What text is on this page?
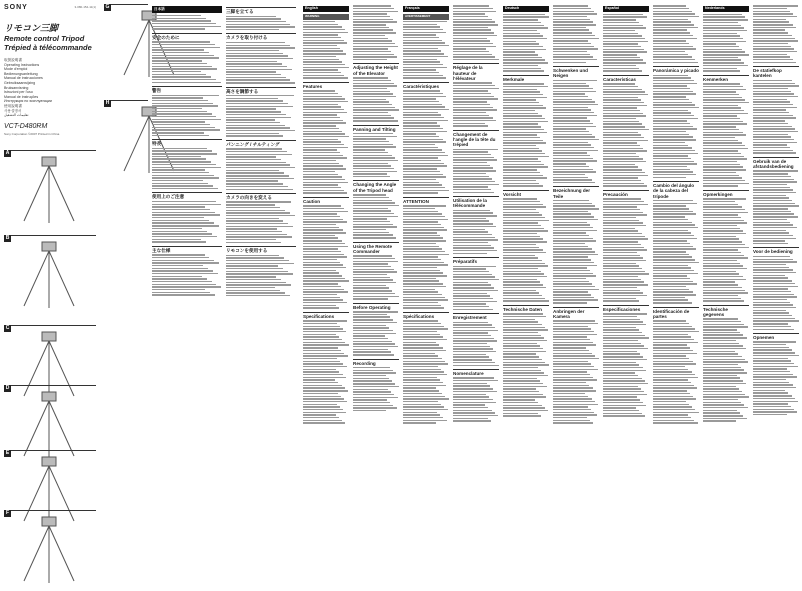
SONY	3-080-154-11(1)
リモコン三脚
Remote control Tripod
Trépied à télécommande
取扱説明書
Operating Instructions
Mode d'emploi
Bedienungsanleitung
Manual de instrucciones
Gebruiksaanwijzing
Bruksanvisning
Istruzioni per l'uso
Manual de instruções
Инструкция по эксплуатации
使用說明書
사용설명서
تعليمات التشغيل
VCT-D480RM
Sony Corporation ©2007 Printed in China
A
B
C
D
E
F
G
H
日本語
安全のために
警告
特長
使用上のご注意
主な仕様
三脚を立てる
カメラを取り付ける
高さを調節する
パンニング / チルティング
カメラの向きを変える
リモコンを使用する
English
WARNING
Features
Caution
Specifications
Adjusting the Height of the Elevator
Panning and Tilting
Changing the Angle of the Tripod head
Using the Remote Commander
Before Operating
Recording
Français
AVERTISSEMENT
Caractéristiques
ATTENTION
Spécifications
Réglage de la hauteur de l'élévateur
Changement de l'angle de la tête du trépied
Utilisation de la télécommande
Préparatifs
Enregistrement
Nomenclature
Deutsch
Merkmale
Vorsicht
Technische Daten
Schwenken und Neigen
Bezeichnung der Teile
Anbringen der Kamera
Español
Características
Precaución
Especificaciones
Panorámica y picado
Cambio del ángulo de la cabeza del trípode
Identificación de partes
Nederlands
Kenmerken
Opmerkingen
Technische gegevens
De statiefkop kantelen
Gebruik van de afstandsbediening
Voor de bediening
Opnemen
